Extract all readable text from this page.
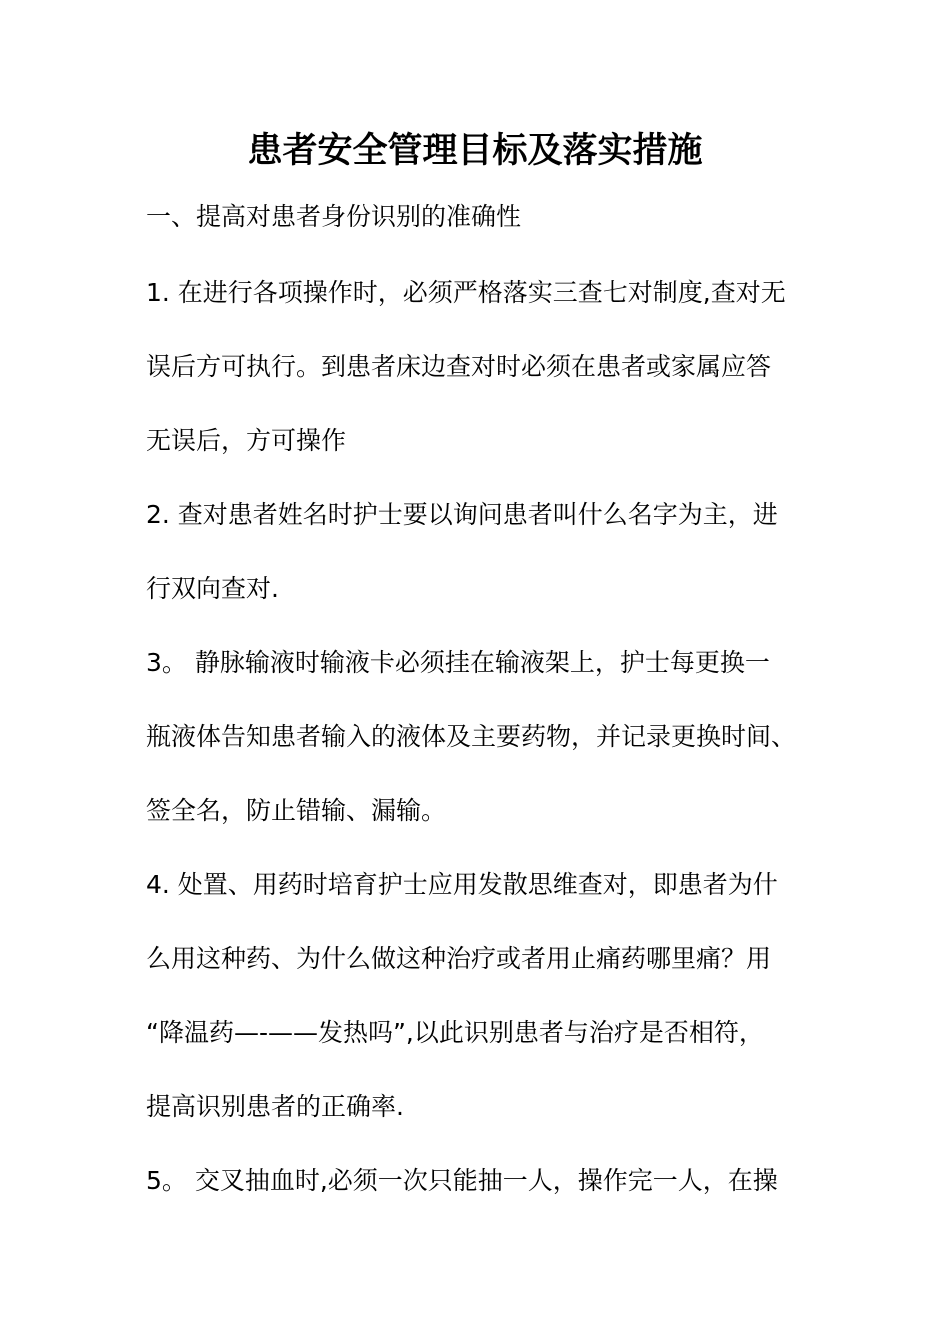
患者安全管理目标及落实措施

一、提高对患者身份识别的准确性

1. 在进行各项操作时，必须严格落实三查七对制度,查对无

误后方可执行。到患者床边查对时必须在患者或家属应答

无误后，方可操作

2. 查对患者姓名时护士要以询问患者叫什么名字为主，进

行双向查对.

3。 静脉输液时输液卡必须挂在输液架上，护士每更换一

瓶液体告知患者输入的液体及主要药物，并记录更换时间、

签全名，防止错输、漏输。

4. 处置、用药时培育护士应用发散思维查对，即患者为什

么用这种药、为什么做这种治疗或者用止痛药哪里痛？用

“降温药—-——发热吗”,以此识别患者与治疗是否相符，

提高识别患者的正确率.

5。 交叉抽血时,必须一次只能抽一人，操作完一人，在操
